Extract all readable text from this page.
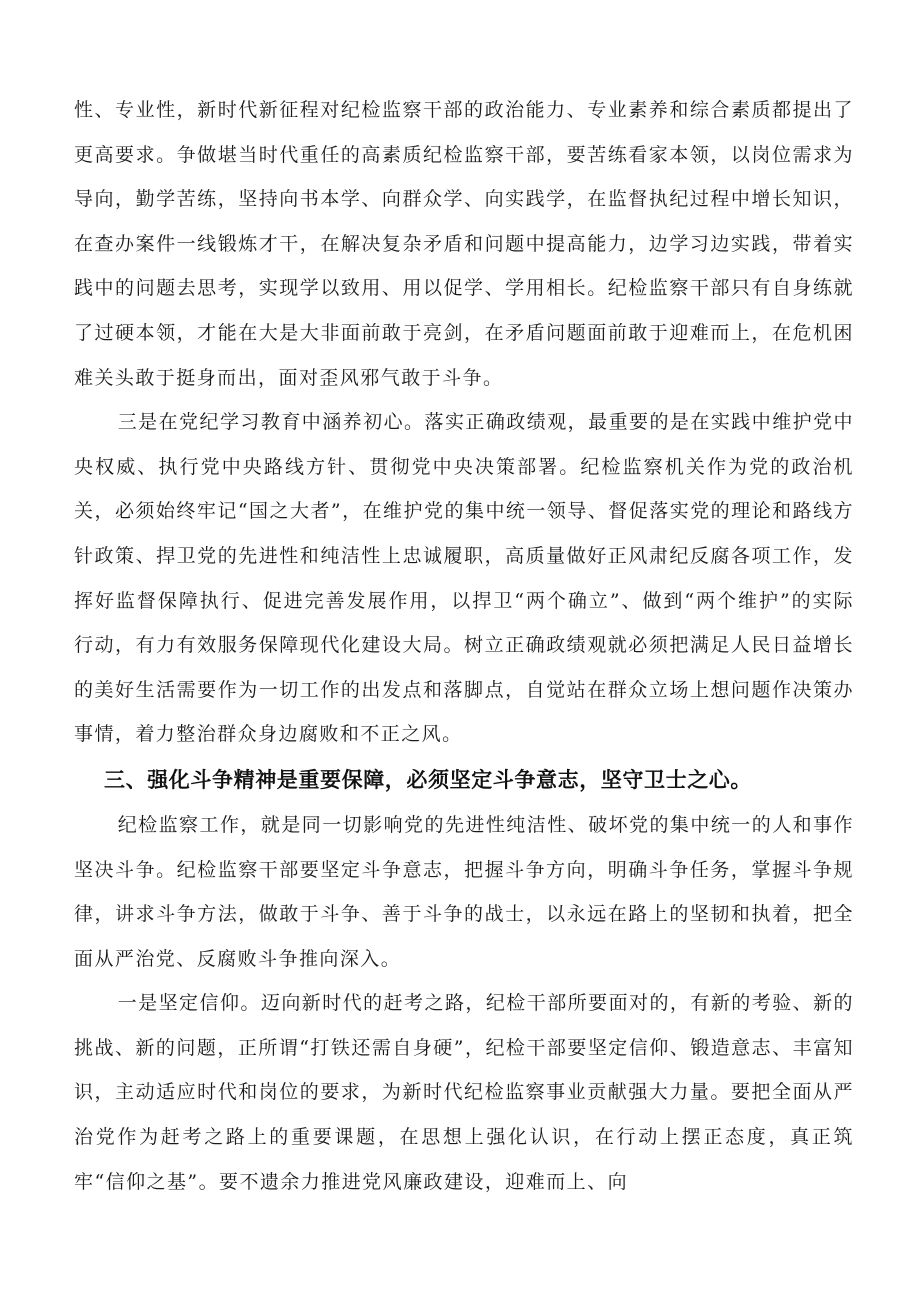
性、专业性，新时代新征程对纪检监察干部的政治能力、专业素养和综合素质都提出了更高要求。争做堪当时代重任的高素质纪检监察干部，要苦练看家本领，以岗位需求为导向，勤学苦练，坚持向书本学、向群众学、向实践学，在监督执纪过程中增长知识，在查办案件一线锻炼才干，在解决复杂矛盾和问题中提高能力，边学习边实践，带着实践中的问题去思考，实现学以致用、用以促学、学用相长。纪检监察干部只有自身练就了过硬本领，才能在大是大非面前敢于亮剑，在矛盾问题面前敢于迎难而上，在危机困难关头敢于挺身而出，面对歪风邪气敢于斗争。

三是在党纪学习教育中涵养初心。落实正确政绩观，最重要的是在实践中维护党中央权威、执行党中央路线方针、贯彻党中央决策部署。纪检监察机关作为党的政治机关，必须始终牢记“国之大者”，在维护党的集中统一领导、督促落实党的理论和路线方针政策、捍卫党的先进性和纯洁性上忠诚履职，高质量做好正风肃纪反腐各项工作，发挥好监督保障执行、促进完善发展作用，以捍卫“两个确立”、做到“两个维护”的实际行动，有力有效服务保障现代化建设大局。树立正确政绩观就必须把满足人民日益增长的美好生活需要作为一切工作的出发点和落脚点，自觉站在群众立场上想问题作决策办事情，着力整治群众身边腐败和不正之风。

三、强化斗争精神是重要保障，必须坚定斗争意志，坚守卫士之心。

纪检监察工作，就是同一切影响党的先进性纯洁性、破坏党的集中统一的人和事作坚决斗争。纪检监察干部要坚定斗争意志，把握斗争方向，明确斗争任务，掌握斗争规律，讲求斗争方法，做敢于斗争、善于斗争的战士，以永远在路上的坚韧和执着，把全面从严治党、反腐败斗争推向深入。

一是坚定信仰。迈向新时代的赶考之路，纪检干部所要面对的，有新的考验、新的挑战、新的问题，正所谓“打铁还需自身硬”，纪检干部要坚定信仰、锻造意志、丰富知识，主动适应时代和岗位的要求，为新时代纪检监察事业贡献强大力量。要把全面从严治党作为赶考之路上的重要课题，在思想上强化认识，在行动上摆正态度，真正筑牢“信仰之基”。要不遗余力推进党风廉政建设，迎难而上、向
